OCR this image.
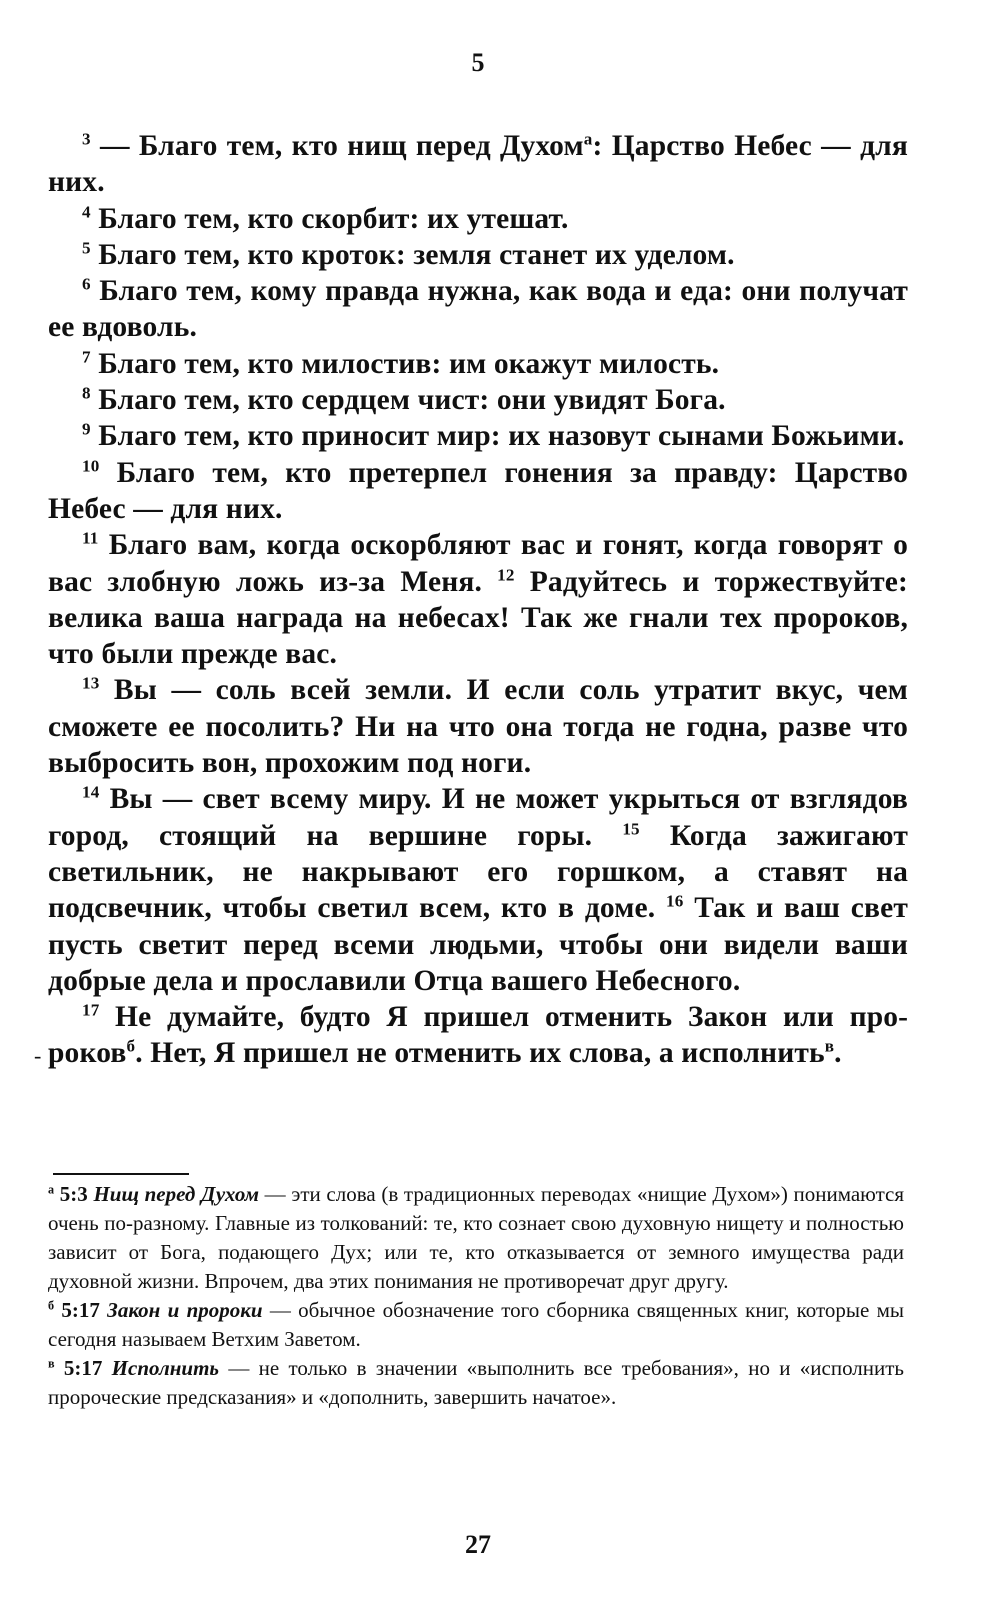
5

$^3$ — Благо тем, кто нищ перед Духом$^а$: Царство Небес — для них.

$^4$ Благо тем, кто скорбит: их утешат.

$^5$ Благо тем, кто кроток: земля станет их уделом.

$^6$ Благо тем, кому правда нужна, как вода и еда: они получат ее вдоволь.

$^7$ Благо тем, кто милостив: им окажут милость.

$^8$ Благо тем, кто сердцем чист: они увидят Бога.

$^9$ Благо тем, кто приносит мир: их назовут сынами Божьими.

$^{10}$ Благо тем, кто претерпел гонения за правду: Царство Небес — для них.

$^{11}$ Благо вам, когда оскорбляют вас и гонят, когда говорят о вас злобную ложь из-за Меня. $^{12}$ Радуйтесь и торжествуйте: велика ваша награда на небесах! Так же гнали тех пророков, что были прежде вас.

$^{13}$ Вы — соль всей земли. И если соль утратит вкус, чем сможете ее посолить? Ни на что она тогда не годна, разве что выбросить вон, прохожим под ноги.

$^{14}$ Вы — свет всему миру. И не может укрыться от взглядов город, стоящий на вершине горы. $^{15}$ Когда зажигают светильник, не накрывают его горшком, а ставят на подсвечник, чтобы светил всем, кто в доме. $^{16}$ Так и ваш свет пусть светит перед всеми людьми, чтобы они видели ваши добрые дела и прославили Отца вашего Небесного.

$^{17}$ Не думайте, будто Я пришел отменить Закон или пророков$^б$. Нет, Я пришел не отменить их слова, а исполнить$^в$.

$^а$ 5:3 Нищ перед Духом — эти слова (в традиционных переводах «нищие Духом») понимаются очень по-разному. Главные из толкований: те, кто сознает свою духовную нищету и полностью зависит от Бога, подающего Дух; или те, кто отказывается от земного имущества ради духовной жизни. Впрочем, два этих понимания не противоречат друг другу.

$^б$ 5:17 Закон и пророки — обычное обозначение того сборника священных книг, которые мы сегодня называем Ветхим Заветом.

$^в$ 5:17 Исполнить — не только в значении «выполнить все требования», но и «исполнить пророческие предсказания» и «дополнить, завершить начатое».

27
-
